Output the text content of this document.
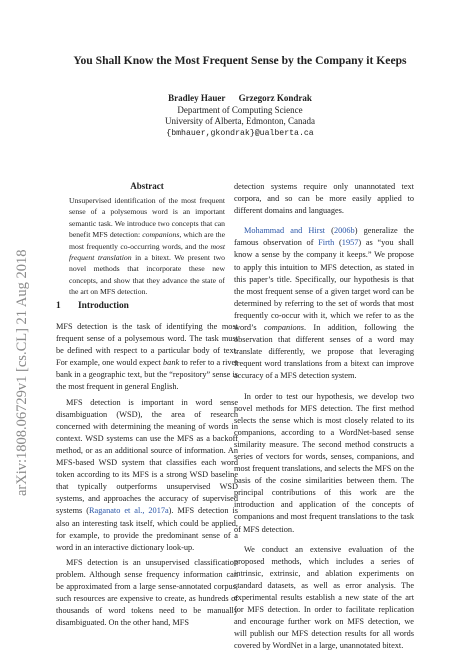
arXiv:1808.06729v1 [cs.CL] 21 Aug 2018
You Shall Know the Most Frequent Sense by the Company it Keeps
Bradley Hauer      Grzegorz Kondrak
Department of Computing Science
University of Alberta, Edmonton, Canada
{bmhauer,gkondrak}@ualberta.ca
Abstract

Unsupervised identification of the most frequent sense of a polysemous word is an important semantic task. We introduce two concepts that can benefit MFS detection: companions, which are the most frequently co-occurring words, and the most frequent translation in a bitext. We present two novel methods that incorporate these new concepts, and show that they advance the state of the art on MFS detection.

1 Introduction

MFS detection is the task of identifying the most frequent sense of a polysemous word. The task must be defined with respect to a particular body of text. For example, one would expect bank to refer to a river bank in a geographic text, but the “repository” sense is the most frequent in general English.

MFS detection is important in word sense disambiguation (WSD), the area of research concerned with determining the meaning of words in context. WSD systems can use the MFS as a backoff method, or as an additional source of information. An MFS-based WSD system that classifies each word token according to its MFS is a strong WSD baseline that typically outperforms unsupervised WSD systems, and approaches the accuracy of supervised systems (Raganato et al., 2017a). MFS detection is also an interesting task itself, which could be applied, for example, to provide the predominant sense of a word in an interactive dictionary look-up.

MFS detection is an unsupervised classification problem. Although sense frequency information can be approximated from a large sense-annotated corpus, such resources are expensive to create, as hundreds of thousands of word tokens need to be manually disambiguated. On the other hand, MFS

detection systems require only unannotated text corpora, and so can be more easily applied to different domains and languages.

Mohammad and Hirst (2006b) generalize the famous observation of Firth (1957) as “you shall know a sense by the company it keeps.” We propose to apply this intuition to MFS detection, as stated in this paper’s title. Specifically, our hypothesis is that the most frequent sense of a given target word can be determined by referring to the set of words that most frequently co-occur with it, which we refer to as the word’s companions. In addition, following the observation that different senses of a word may translate differently, we propose that leveraging frequent word translations from a bitext can improve accuracy of a MFS detection system.

In order to test our hypothesis, we develop two novel methods for MFS detection. The first method selects the sense which is most closely related to its companions, according to a WordNet-based sense similarity measure. The second method constructs a series of vectors for words, senses, companions, and most frequent translations, and selects the MFS on the basis of the cosine similarities between them. The principal contributions of this work are the introduction and application of the concepts of companions and most frequent translations to the task of MFS detection.

We conduct an extensive evaluation of the proposed methods, which includes a series of intrinsic, extrinsic, and ablation experiments on standard datasets, as well as error analysis. The experimental results establish a new state of the art for MFS detection. In order to facilitate replication and encourage further work on MFS detection, we will publish our MFS detection results for all words covered by WordNet in a large, unannotated bitext.
